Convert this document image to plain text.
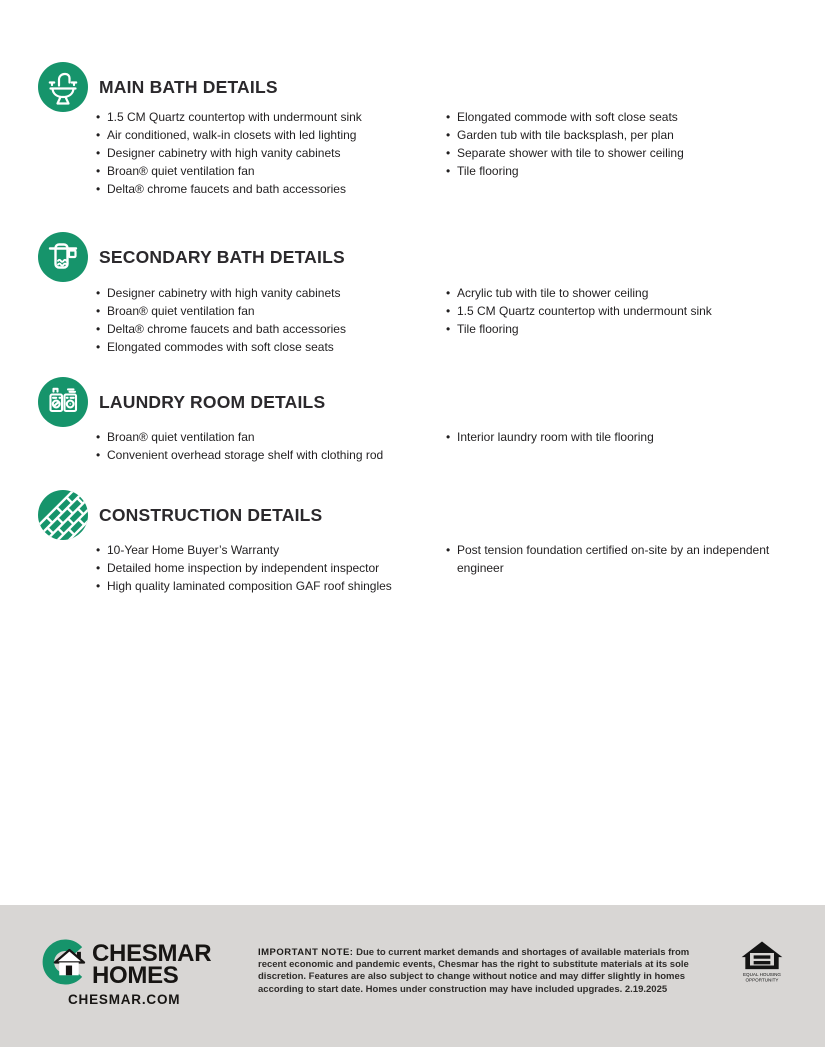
MAIN BATH DETAILS
• 1.5 CM Quartz countertop with undermount sink
• Air conditioned, walk-in closets with led lighting
• Designer cabinetry with high vanity cabinets
• Broan® quiet ventilation fan
• Delta® chrome faucets and bath accessories
• Elongated commode with soft close seats
• Garden tub with tile backsplash, per plan
• Separate shower with tile to shower ceiling
• Tile flooring
SECONDARY BATH DETAILS
• Designer cabinetry with high vanity cabinets
• Broan® quiet ventilation fan
• Delta® chrome faucets and bath accessories
• Elongated commodes with soft close seats
• Acrylic tub with tile to shower ceiling
• 1.5 CM Quartz countertop with undermount sink
• Tile flooring
LAUNDRY ROOM DETAILS
• Broan® quiet ventilation fan
• Convenient overhead storage shelf with clothing rod
• Interior laundry room with tile flooring
CONSTRUCTION DETAILS
• 10-Year Home Buyer’s Warranty
• Detailed home inspection by independent inspector
• High quality laminated composition GAF roof shingles
• Post tension foundation certified on-site by an independent engineer
CHESMAR
HOMES
CHESMAR.COM
IMPORTANT NOTE: Due to current market demands and shortages of available materials from recent economic and pandemic events, Chesmar has the right to substitute materials at its sole discretion. Features are also subject to change without notice and may differ slightly in homes according to start date. Homes under construction may have included upgrades. 2.19.2025
EQUAL HOUSING
OPPORTUNITY
